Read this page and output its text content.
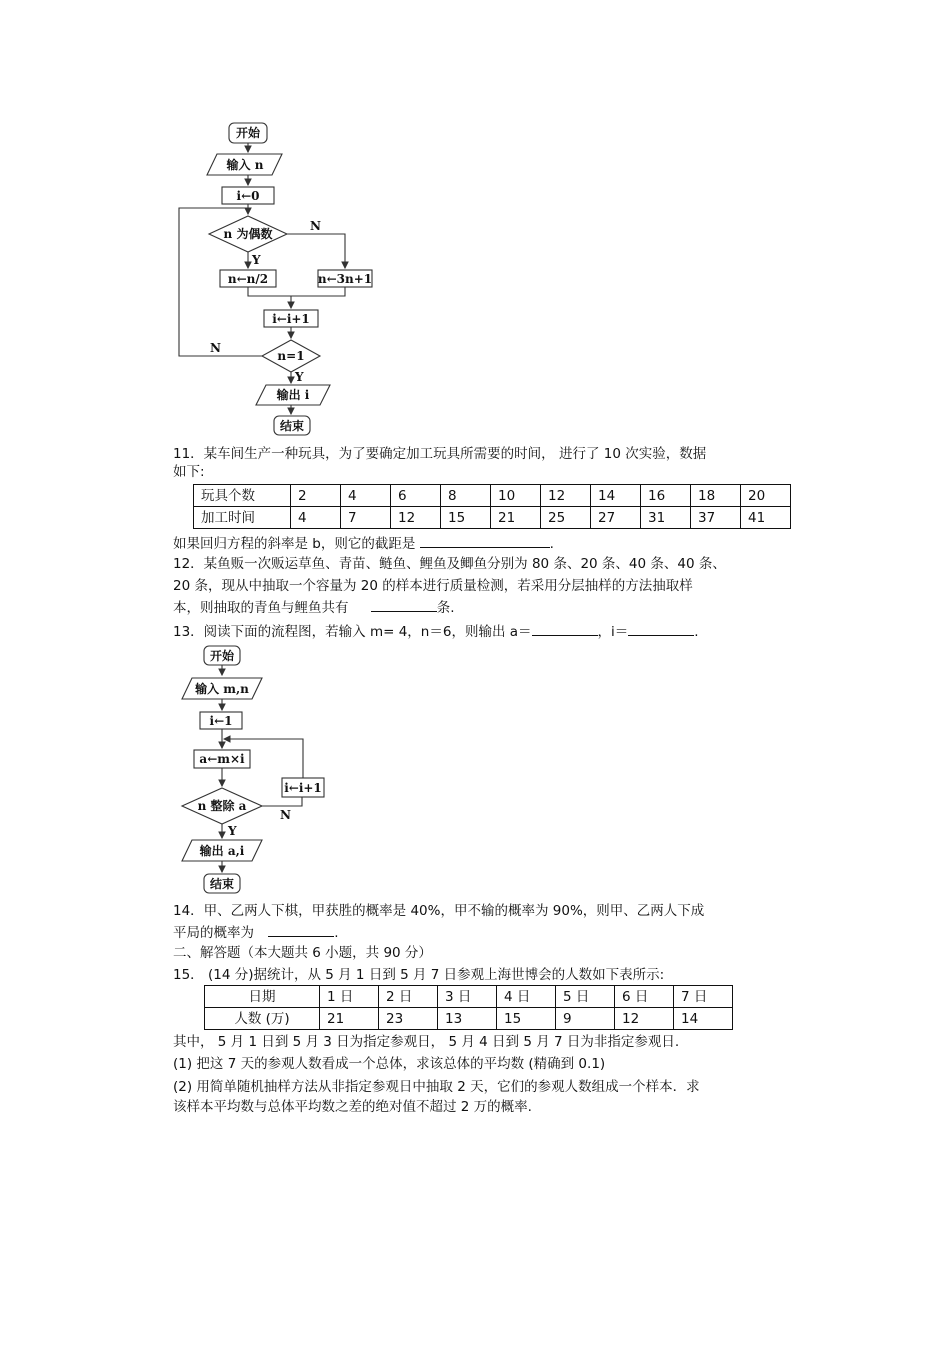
开始
输入 n
i←0
n 为偶数
N
Y
n←n/2	n←3n+1
i←i+1
n=1
N
Y
输出 i
结束
11．某车间生产一种玩具，为了要确定加工玩具所需要的时间， 进行了 10 次实验，数据
如下:
玩具个数	2	4	6	8	10	12	14	16	18	20
加工时间	4	7	12	15	21	25	27	31	37	41
如果回归方程的斜率是 b，则它的截距是	.
12．某鱼贩一次贩运草鱼、青苗、鲢鱼、鲤鱼及鲫鱼分别为 80 条、20 条、40 条、40 条、
20 条，现从中抽取一个容量为 20 的样本进行质量检测，若采用分层抽样的方法抽取样
本，则抽取的青鱼与鲤鱼共有	条.
13．阅读下面的流程图，若输入 m= 4，n＝6，则输出 a＝	，i＝	.
开始
输入 m,n
i←1
a←m×i
n 整除 a
N
i←i+1
Y
输出 a,i
结束
14．甲、乙两人下棋，甲获胜的概率是 40%，甲不输的概率为 90%，则甲、乙两人下成
平局的概率为	.
二、解答题（本大题共 6 小题，共 90 分）
15． (14 分)据统计，从 5 月 1 日到 5 月 7 日参观上海世博会的人数如下表所示:
日期	1 日	2 日	3 日	4 日	5 日	6 日	7 日
人数 (万)	21	23	13	15	9	12	14
其中， 5 月 1 日到 5 月 3 日为指定参观日， 5 月 4 日到 5 月 7 日为非指定参观日.
(1) 把这 7 天的参观人数看成一个总体，求该总体的平均数 (精确到 0.1)
(2) 用简单随机抽样方法从非指定参观日中抽取 2 天，它们的参观人数组成一个样本．求
该样本平均数与总体平均数之差的绝对值不超过 2 万的概率.
